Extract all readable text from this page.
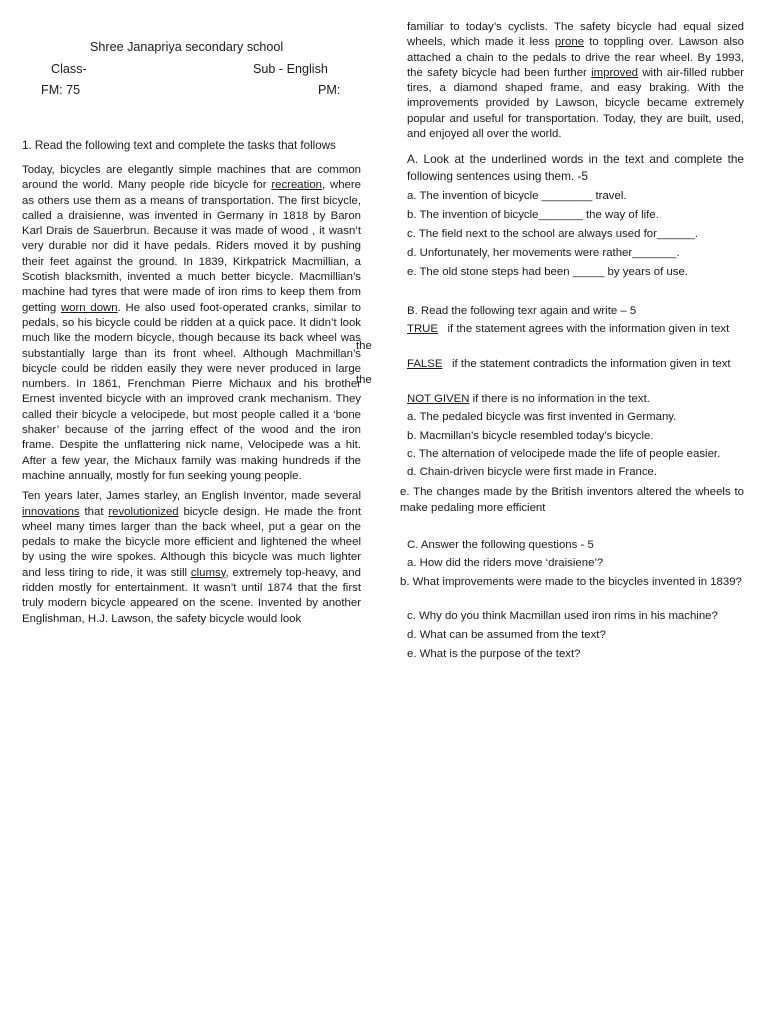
Shree Janapriya secondary school
Class-	Sub - English
FM: 75	PM:
1. Read the following text and complete the tasks that follows

Today, bicycles are elegantly simple machines that are common around the world. Many people ride bicycle for recreation, where as others use them as a means of transportation. The first bicycle, called a draisienne, was invented in Germany in 1818 by Baron Karl Drais de Sauerbrun. Because it was made of wood , it wasn’t very durable nor did it have pedals. Riders moved it by pushing their feet against the ground. In 1839, Kirkpatrick Macmillian, a Scotish blacksmith, invented a much better bicycle. Macmillian’s machine had tyres that were made of iron rims to keep them from getting worn down. He also used foot-operated cranks, similar to pedals, so his bicycle could be ridden at a quick pace. It didn’t look much like the modern bicycle, though because its back wheel was substantially large than its front wheel. Although Machmillan’s bicycle could be ridden easily they were never produced in large numbers. In 1861, Frenchman Pierre Michaux and his brother Ernest invented bicycle with an improved crank mechanism. They called their bicycle a velocipede, but most people called it a ‘bone shaker’ because of the jarring effect of the wood and the iron frame. Despite the unflattering nick name, Velocipede was a hit. After a few year, the Michaux family was making hundreds if the machine annually, mostly for fun seeking young people.

Ten years later, James starley, an English Inventor, made several innovations that revolutionized bicycle design. He made the front wheel many times larger than the back wheel, put a gear on the pedals to make the bicycle more efficient and lightened the wheel by using the wire spokes. Although this bicycle was much lighter and less tiring to ride, it was still clumsy, extremely top-heavy, and ridden mostly for entertainment. It wasn’t until 1874 that the first truly modern bicycle appeared on the scene. Invented by another Englishman, H.J. Lawson, the safety bicycle would look

the
the

familiar to today’s cyclists. The safety bicycle had equal sized wheels, which made it less prone to toppling over. Lawson also attached a chain to the pedals to drive the rear wheel. By 1993, the safety bicycle had been further improved with air-filled rubber tires, a diamond shaped frame, and easy braking. With the improvements provided by Lawson, bicycle became extremely popular and useful for transportation. Today, they are built, used, and enjoyed all over the world.

A. Look at the underlined words in the text and complete the following sentences using them. -5
a. The invention of bicycle ________ travel.
b. The invention of bicycle_______ the way of life.
c. The field next to the school are always used for______.
d. Unfortunately, her movements were rather_______.
e. The old stone steps had been _____ by years of use.
B. Read the following texr again and write – 5
TRUE if the statement agrees with the information given in text
FALSE if the statement contradicts the information given in text
NOT GIVEN if there is no information in the text.
a. The pedaled bicycle was first invented in Germany.
b. Macmillan’s bicycle resembled today’s bicycle.
c. The alternation of velocipede made the life of people easier.
d. Chain-driven bicycle were first made in France.
e. The changes made by the British inventors altered the wheels to make pedaling more efficient
C. Answer the following questions - 5
a. How did the riders move ‘draisiene’?
b. What improvements were made to the bicycles invented in 1839?
c. Why do you think Macmillan used iron rims in his machine?
d. What can be assumed from the text?
e. What is the purpose of the text?
